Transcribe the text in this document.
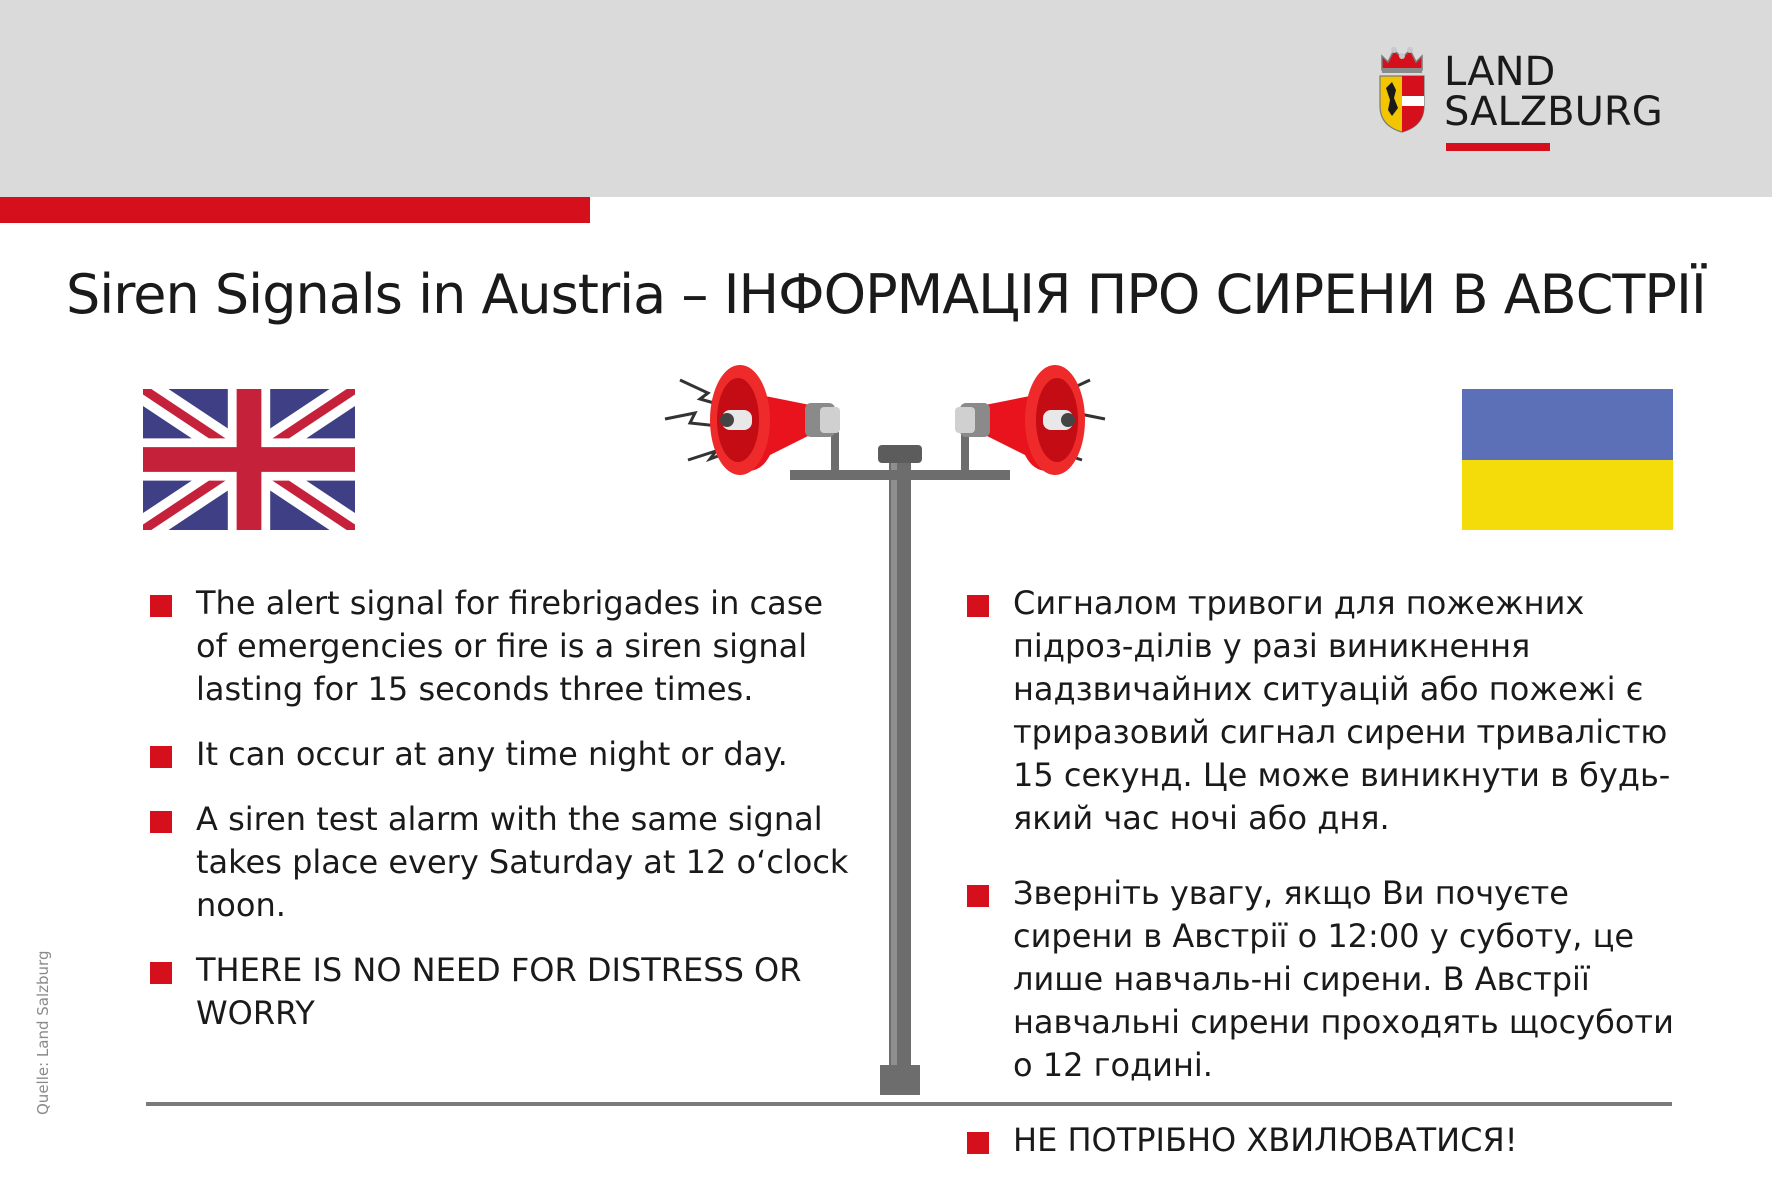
LAND
SALZBURG
Siren Signals in Austria – ІНФОРМАЦІЯ ПРО СИРЕНИ В АВСТРІЇ
The alert signal for firebrigades in case of emergencies or fire is a siren signal lasting for 15 seconds three times.
It can occur at any time night or day.
A siren test alarm with the same signal takes place every Saturday at 12 o‘clock noon.
THERE IS NO NEED FOR DISTRESS OR WORRY
Сигналом тривоги для пожежних підроз-ділів у разі виникнення надзвичайних ситуацій або пожежі є триразовий сигнал сирени тривалістю 15 секунд. Це може виникнути в будь-який час ночі або дня.
Зверніть увагу, якщо Ви почуєте сирени в Австрії о 12:00 у суботу, це лише навчаль-ні сирени. В Австрії навчальні сирени проходять щосуботи о 12 годині.
НЕ ПОТРІБНО ХВИЛЮВАТИСЯ!
Quelle: Land Salzburg
